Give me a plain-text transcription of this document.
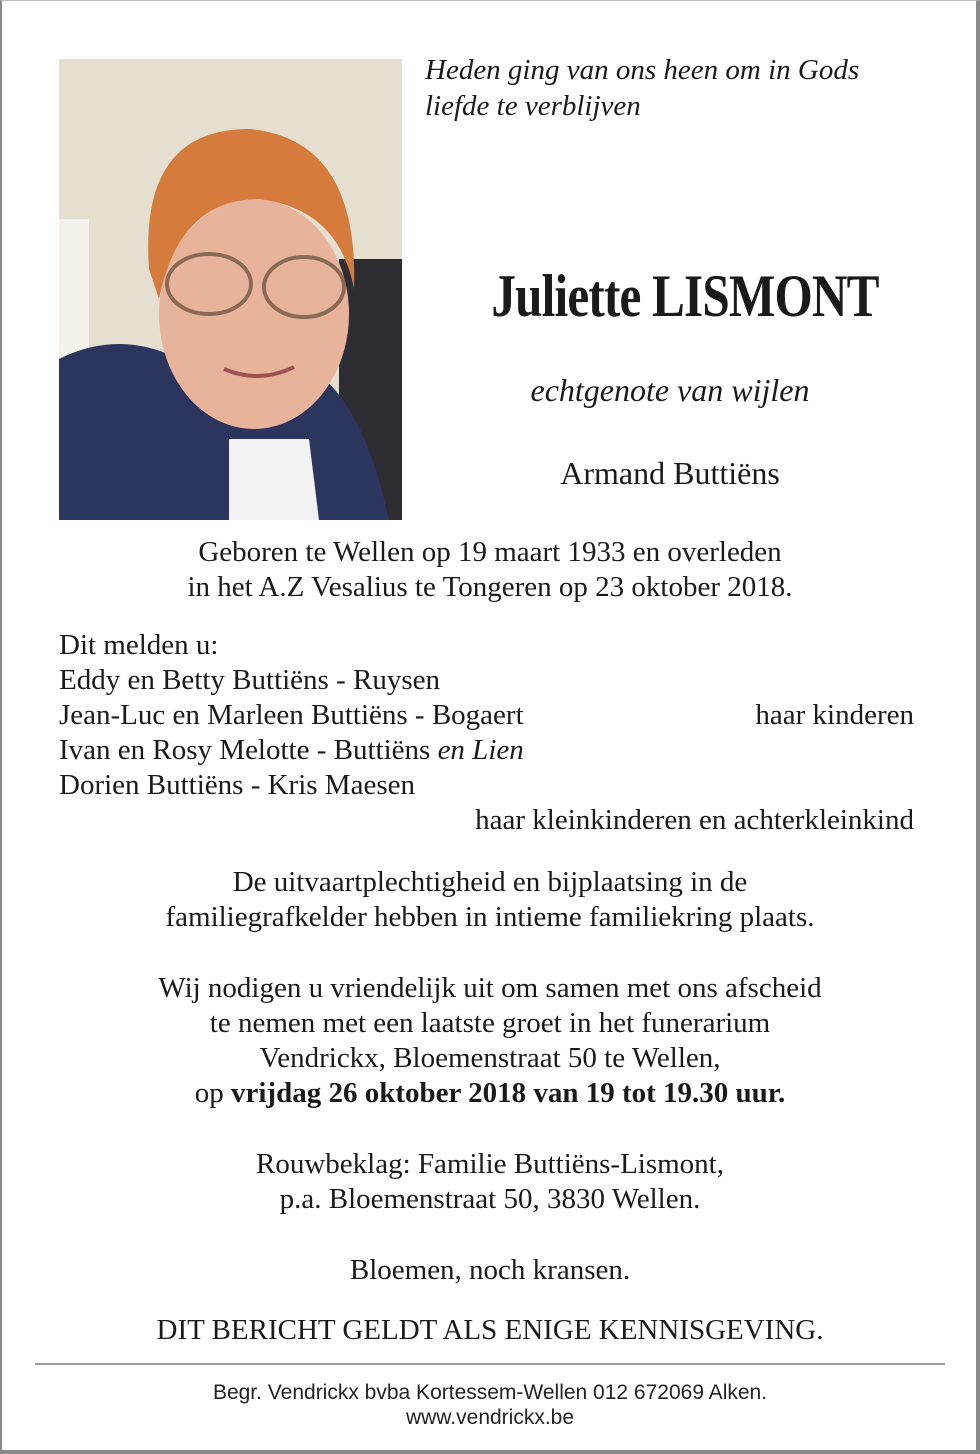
Heden ging van ons heen om in Gods
liefde te verblijven
Juliette LISMONT
echtgenote van wijlen
Armand Buttiëns
Geboren te Wellen op 19 maart 1933 en overleden
in het A.Z Vesalius te Tongeren op 23 oktober 2018.
Dit melden u:
Eddy en Betty Buttiëns - Ruysen
Jean-Luc en Marleen Buttiëns - Bogaert	haar kinderen
Ivan en Rosy Melotte - Buttiëns en Lien
Dorien Buttiëns - Kris Maesen
haar kleinkinderen en achterkleinkind
De uitvaartplechtigheid en bijplaatsing in de
familiegrafkelder hebben in intieme familiekring plaats.
Wij nodigen u vriendelijk uit om samen met ons afscheid
te nemen met een laatste groet in het funerarium
Vendrickx, Bloemenstraat 50 te Wellen,
op vrijdag 26 oktober 2018 van 19 tot 19.30 uur.
Rouwbeklag: Familie Buttiëns-Lismont,
p.a. Bloemenstraat 50, 3830 Wellen.
Bloemen, noch kransen.
DIT BERICHT GELDT ALS ENIGE KENNISGEVING.
Begr. Vendrickx bvba Kortessem-Wellen 012 672069 Alken.
www.vendrickx.be
